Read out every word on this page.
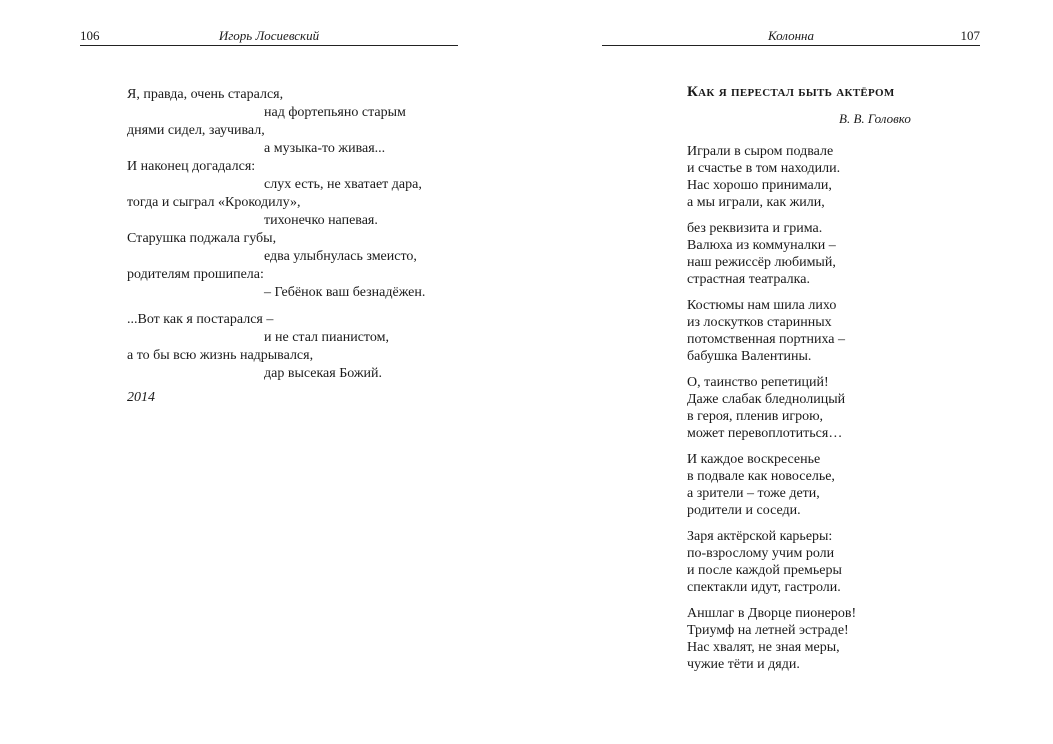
106	Игорь Лосиевский
Я, правда, очень старался,
над фортепьяно старым
днями сидел, заучивал,
а музыка-то живая...
И наконец догадался:
слух есть, не хватает дара,
тогда и сыграл «Крокодилу»,
тихонечко напевая.
Старушка поджала губы,
едва улыбнулась змеисто,
родителям прошипела:
– Гебёнок ваш безнадёжен.
...Вот как я постарался –
и не стал пианистом,
а то бы всю жизнь надрывался,
дар высекая Божий.
2014
Колонна	107
Как я перестал быть актёром
В. В. Головко
Играли в сыром подвале
и счастье в том находили.
Нас хорошо принимали,
а мы играли, как жили,
без реквизита и грима.
Валюха из коммуналки –
наш режиссёр любимый,
страстная театралка.
Костюмы нам шила лихо
из лоскутков старинных
потомственная портниха –
бабушка Валентины.
О, таинство репетиций!
Даже слабак бледнолицый
в героя, пленив игрою,
может перевоплотиться…
И каждое воскресенье
в подвале как новоселье,
а зрители – тоже дети,
родители и соседи.
Заря актёрской карьеры:
по-взрослому учим роли
и после каждой премьеры
спектакли идут, гастроли.
Аншлаг в Дворце пионеров!
Триумф на летней эстраде!
Нас хвалят, не зная меры,
чужие тёти и дяди.
